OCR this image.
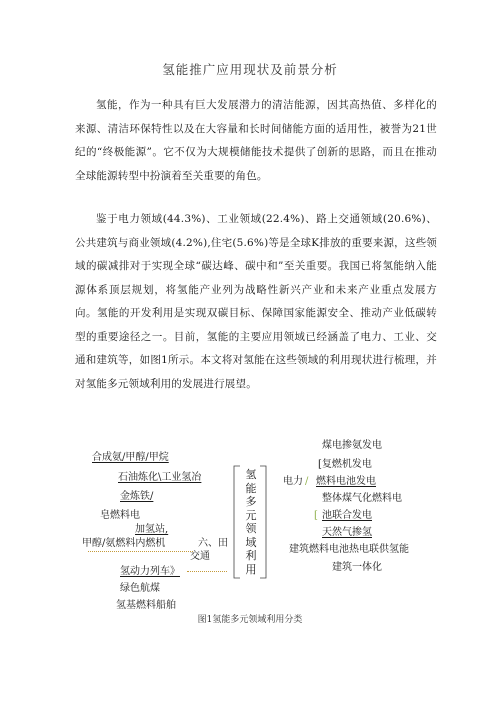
氢能推广应用现状及前景分析

氢能，作为一种具有巨大发展潜力的清洁能源，因其高热值、多样化的来源、清洁环保特性以及在大容量和长时间储能方面的适用性，被誉为21世纪的“终极能源”。它不仅为大规模储能技术提供了创新的思路，而且在推动全球能源转型中扮演着至关重要的角色。

鉴于电力领域(44.3%)、工业领域(22.4%)、路上交通领域(20.6%)、公共建筑与商业领域(4.2%),住宅(5.6%)等是全球K排放的重要来源，这些领域的碳减排对于实现全球“碳达峰、碳中和”至关重要。我国已将氢能纳入能源体系顶层规划，将氢能产业列为战略性新兴产业和未来产业重点发展方向。氢能的开发利用是实现双碳目标、保障国家能源安全、推动产业低碳转型的重要途径之一。目前，氢能的主要应用领域已经涵盖了电力、工业、交通和建筑等，如图1所示。本文将对氢能在这些领域的利用现状进行梳理，并对氢能多元领域利用的发展进行展望。

合成氨/甲醇/甲烷
石油炼化\工业氢冶
金炼铁/
皂燃料电
加氢站,
甲醇/氨燃料内燃机	六、田
交通
氢动力列车》
绿色航煤
氢基燃料船舶
氢能多元领域利用
煤电掺氨发电
[复燃机发电
电力 / 燃料电池发电
整体煤气化燃料电
[ 池联合发电
天然气掺氢
建筑燃料电池热电联供氢能
建筑一体化
图1氢能多元领域利用分类
